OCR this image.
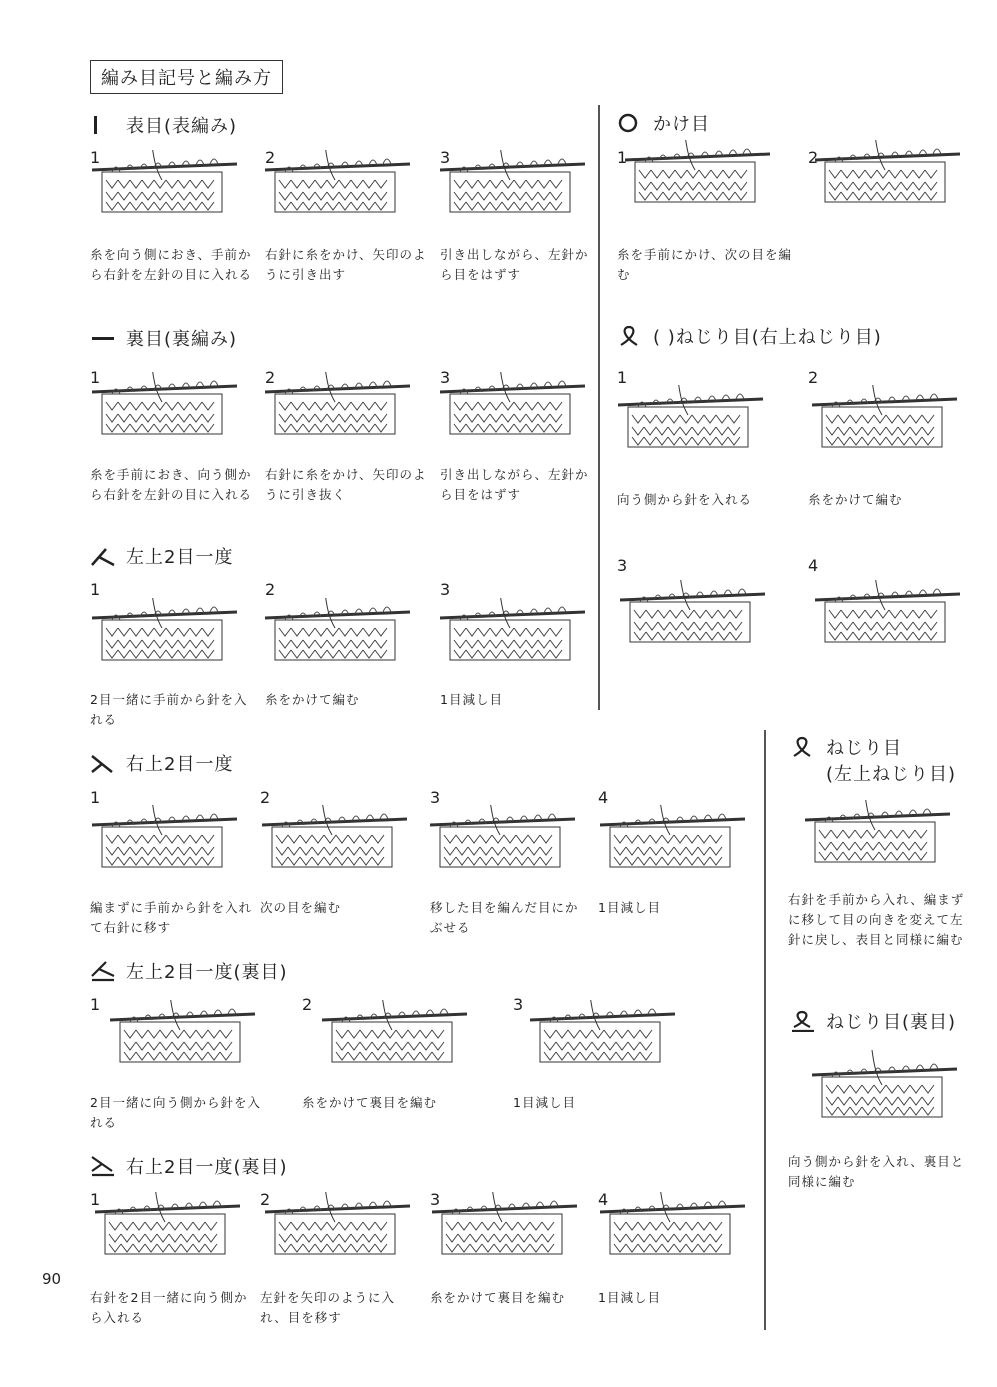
編み目記号と編み方
表目(表編み)
1
糸を向う側におき、手前から右針を左針の目に入れる
2
右針に糸をかけ、矢印のように引き出す
3
引き出しながら、左針から目をはずす
裏目(裏編み)
1
糸を手前におき、向う側から右針を左針の目に入れる
2
右針に糸をかけ、矢印のように引き抜く
3
引き出しながら、左針から目をはずす
左上2目一度
1
2目一緒に手前から針を入れる
2
糸をかけて編む
3
1目減し目
右上2目一度
1
編まずに手前から針を入れて右針に移す
2
次の目を編む
3
移した目を編んだ目にかぶせる
4
1目減し目
左上2目一度(裏目)
1
2目一緒に向う側から針を入れる
2
糸をかけて裏目を編む
3
1目減し目
右上2目一度(裏目)
1
右針を2目一緒に向う側から入れる
2
左針を矢印のように入れ、目を移す
3
糸をかけて裏目を編む
4
1目減し目
かけ目
1
糸を手前にかけ、次の目を編む
2
( )ねじり目(右上ねじり目)
1
向う側から針を入れる
2
糸をかけて編む
3	4
ねじり目
(左上ねじり目)
右針を手前から入れ、編まずに移して目の向きを変えて左針に戻し、表目と同様に編む
ねじり目(裏目)
向う側から針を入れ、裏目と同様に編む
90
